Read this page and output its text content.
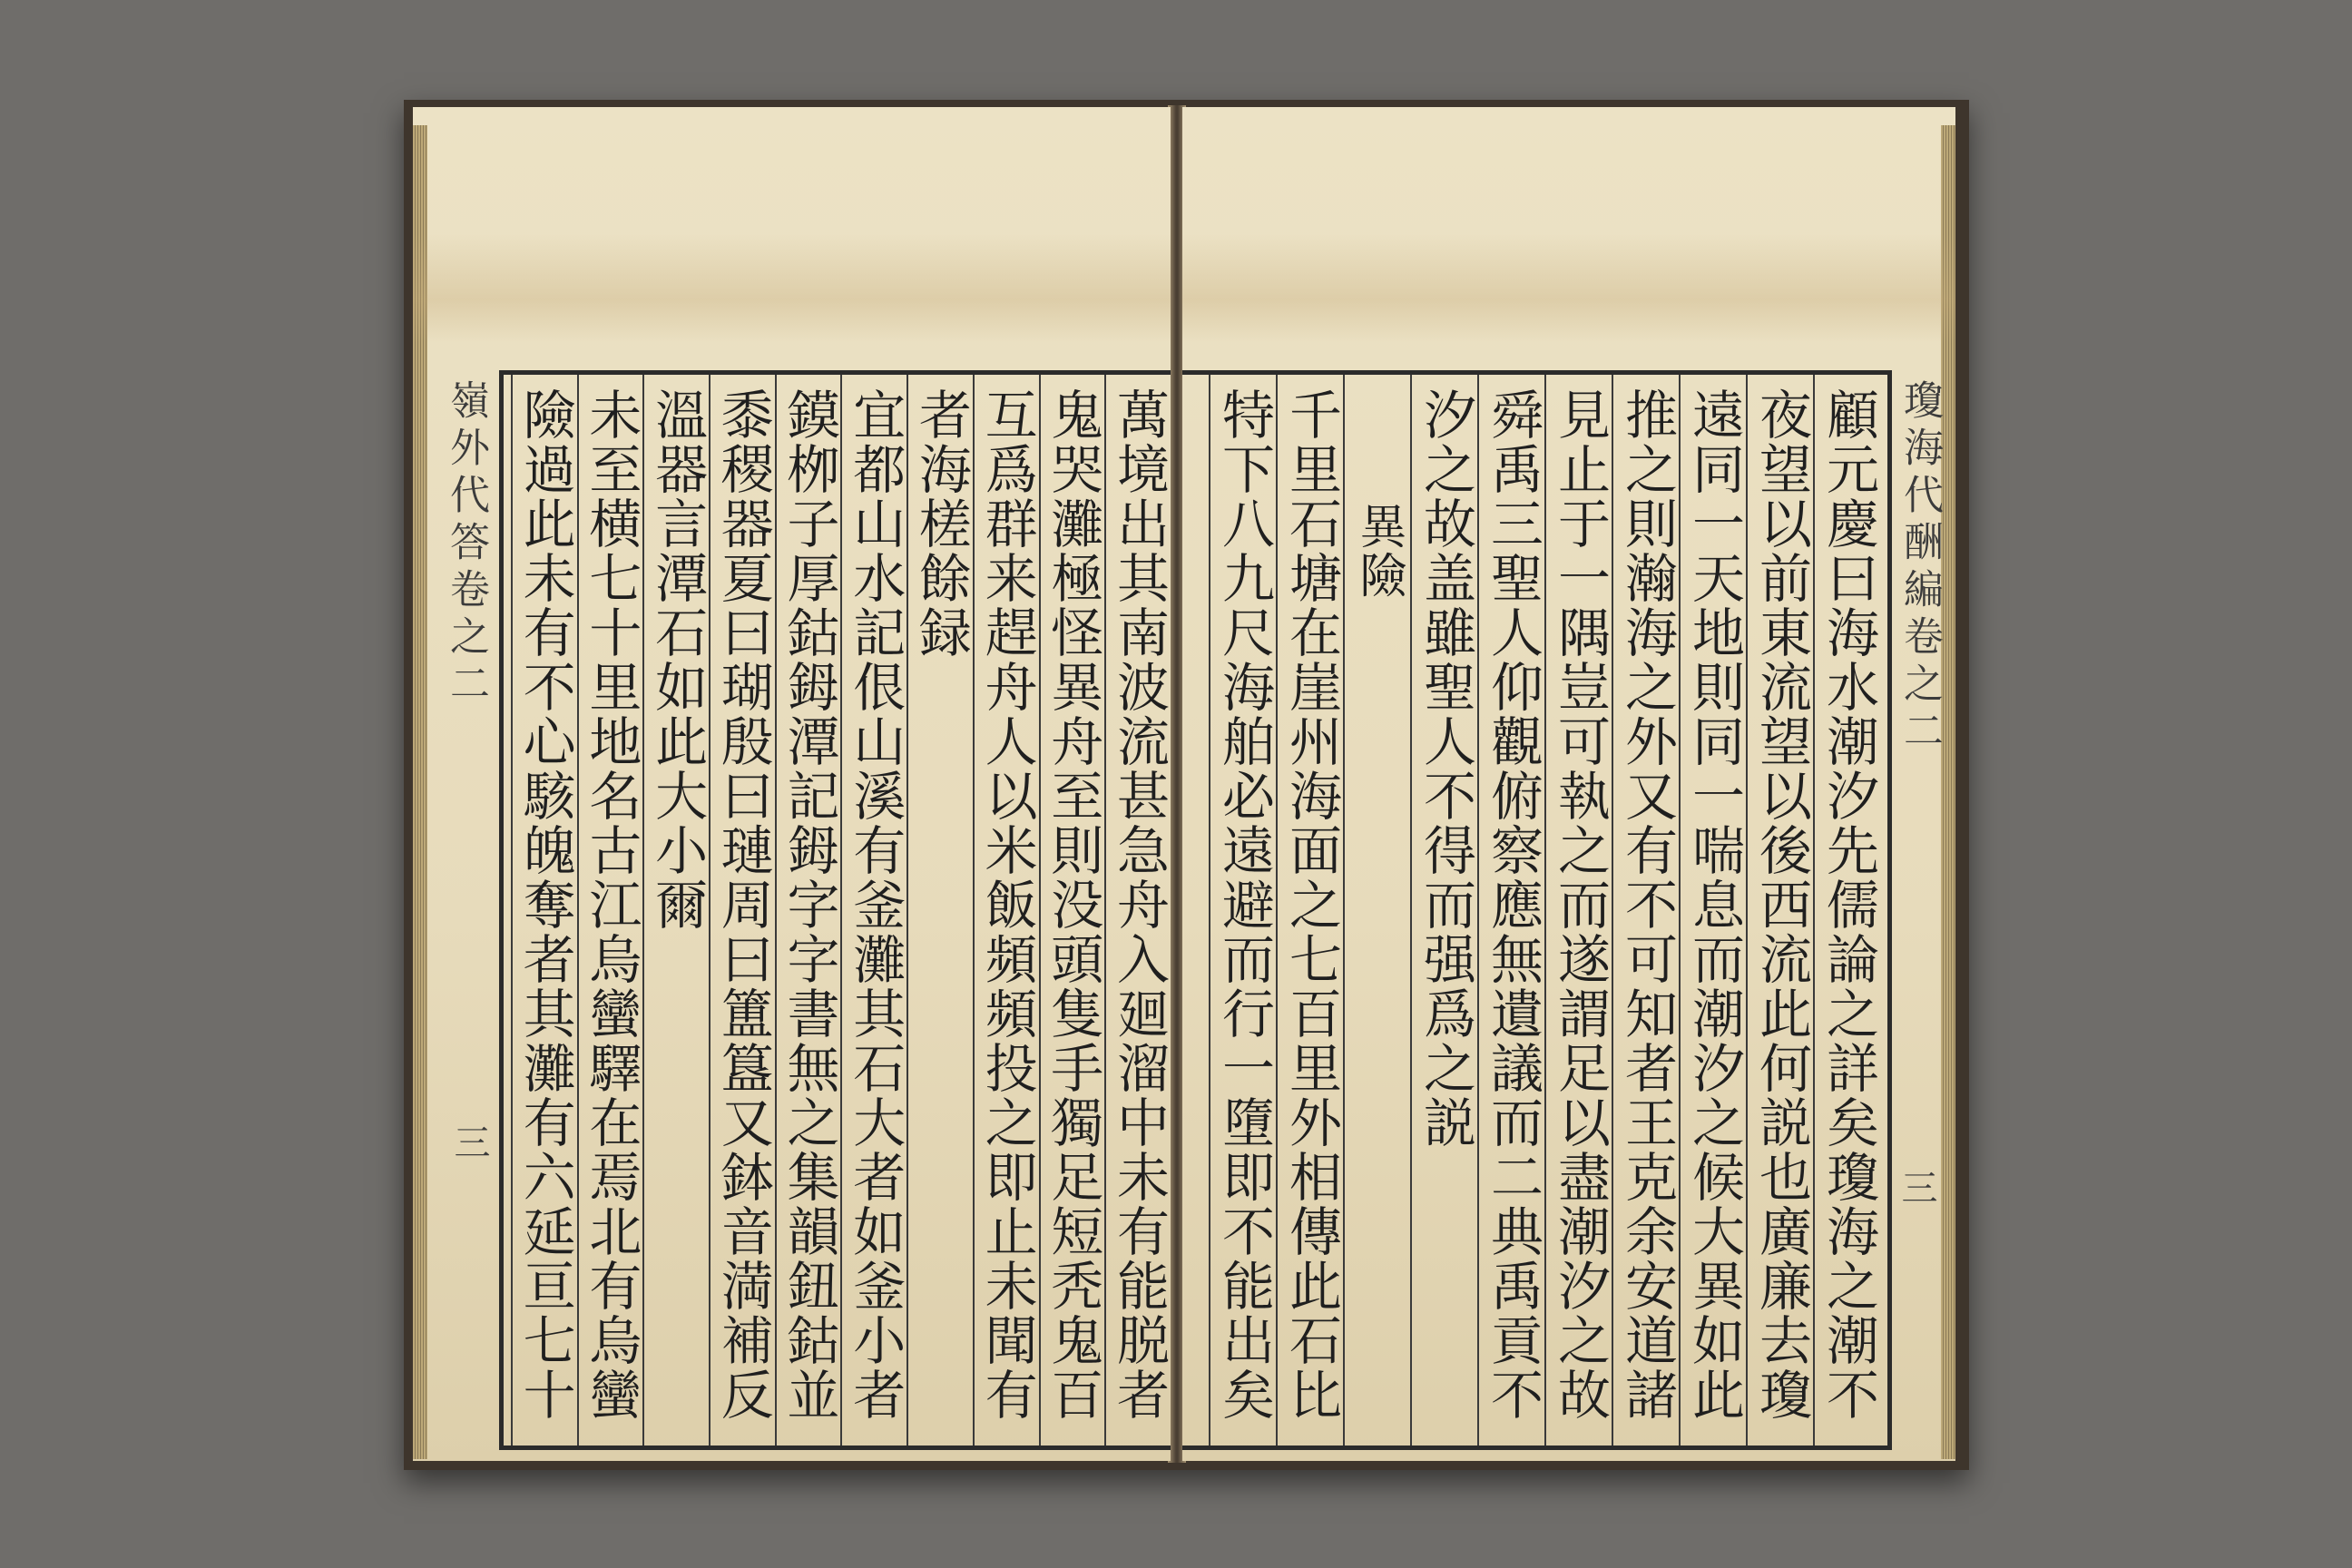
嶺外代答卷之二
三
萬境出其南波流甚急舟入廻溜中未有能脱者
鬼哭灘極怪異舟至則没頭隻手獨足短秃鬼百
互爲群来趕舟人以米飯頻頻投之即止未聞有
者海槎餘録
宜都山水記佷山溪有釜灘其石大者如釜小者
鏌栁子厚鈷鉧潭記鉧字字書無之集韻鈕鈷並
黍稷器夏曰瑚殷曰璉周曰簠簋又鉢音満補反
溫器言潭石如此大小爾
未至横七十里地名古江烏蠻驛在焉北有烏蠻
險過此未有不心駭魄奪者其灘有六延亘七十
瓊海代酬編卷之二
三
顧元慶曰海水潮汐先儒論之詳矣瓊海之潮不
夜望以前東流望以後西流此何説也廣廉去瓊
遠同一天地則同一喘息而潮汐之候大異如此
推之則瀚海之外又有不可知者王克余安道諸
見止于一隅豈可執之而遂謂足以盡潮汐之故
舜禹三聖人仰觀俯察應無遺議而二典禹貢不
汐之故盖雖聖人不得而强爲之説
異險
千里石塘在崖州海面之七百里外相傳此石比
特下八九尺海舶必遠避而行一墮即不能出矣
